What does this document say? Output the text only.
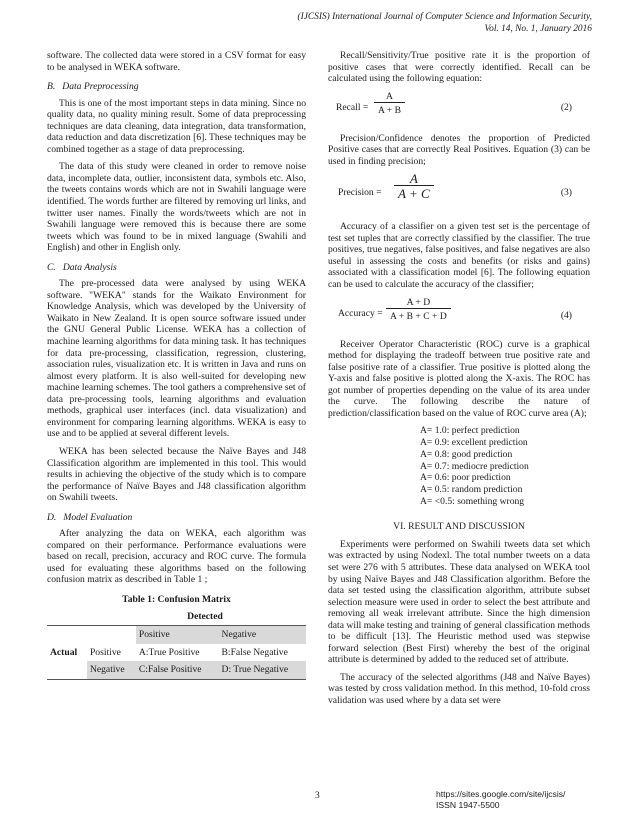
(IJCSIS) International Journal of Computer Science and Information Security,
Vol. 14, No. 1, January 2016

software. The collected data were stored in a CSV format for easy to be analysed in WEKA software.

B. Data Preprocessing

This is one of the most important steps in data mining. Since no quality data, no quality mining result. Some of data preprocessing techniques are data cleaning, data integration, data transformation, data reduction and data discretization [6]. These techniques may be combined together as a stage of data preprocessing.

The data of this study were cleaned in order to remove noise data, incomplete data, outlier, inconsistent data, symbols etc. Also, the tweets contains words which are not in Swahili language were identified. The words further are filtered by removing url links, and twitter user names. Finally the words/tweets which are not in Swahili language were removed this is because there are some tweets which was found to be in mixed language (Swahili and English) and other in English only.

C. Data Analysis

The pre-processed data were analysed by using WEKA software. "WEKA" stands for the Waikato Environment for Knowledge Analysis, which was developed by the University of Waikato in New Zealand. It is open source software issued under the GNU General Public License. WEKA has a collection of machine learning algorithms for data mining task. It has techniques for data pre-processing, classification, regression, clustering, association rules, visualization etc. It is written in Java and runs on almost every platform. It is also well-suited for developing new machine learning schemes. The tool gathers a comprehensive set of data pre-processing tools, learning algorithms and evaluation methods, graphical user interfaces (incl. data visualization) and environment for comparing learning algorithms. WEKA is easy to use and to be applied at several different levels.

WEKA has been selected because the Naïve Bayes and J48 Classification algorithm are implemented in this tool. This would results in achieving the objective of the study which is to compare the performance of Naïve Bayes and J48 classification algorithm on Swahili tweets.

D. Model Evaluation

After analyzing the data on WEKA, each algorithm was compared on their performance. Performance evaluations were based on recall, precision, accuracy and ROC curve. The formula used for evaluating these algorithms based on the following confusion matrix as described in Table 1 ;

Table 1: Confusion Matrix
Detected			
		Positive	Negative
Actual	Positive	A:True Positive	B:False Negative
	Negative	C:False Positive	D: True Negative

Recall/Sensitivity/True positive rate it is the proportion of positive cases that were correctly identified. Recall can be calculated using the following equation:

Recall = $\frac{A}{A + B}$	(2)

Precision/Confidence denotes the proportion of Predicted Positive cases that are correctly Real Positives. Equation (3) can be used in finding precision;

Precision = $\frac{A}{A + C}$	(3)

Accuracy of a classifier on a given test set is the percentage of test set tuples that are correctly classified by the classifier. The true positives, true negatives, false positives, and false negatives are also useful in assessing the costs and benefits (or risks and gains) associated with a classification model [6]. The following equation can be used to calculate the accuracy of the classifier;

Accuracy = $\frac{A + D}{A + B + C + D}$	(4)

Receiver Operator Characteristic (ROC) curve is a graphical method for displaying the tradeoff between true positive rate and false positive rate of a classifier. True positive is plotted along the Y-axis and false positive is plotted along the X-axis. The ROC has got number of properties depending on the value of its area under the curve. The following describe the nature of prediction/classification based on the value of ROC curve area (A);

A= 1.0: perfect prediction
A= 0.9: excellent prediction
A= 0.8: good prediction
A= 0.7: mediocre prediction
A= 0.6: poor prediction
A= 0.5: random prediction
A= <0.5: something wrong
VI. RESULT AND DISCUSSION

Experiments were performed on Swahili tweets data set which was extracted by using Nodexl. The total number tweets on a data set were 276 with 5 attributes. These data analysed on WEKA tool by using Naïve Bayes and J48 Classification algorithm. Before the data set tested using the classification algorithm, attribute subset selection measure were used in order to select the best attribute and removing all weak irrelevant attribute. Since the high dimension data will make testing and training of general classification methods to be difficult [13]. The Heuristic method used was stepwise forward selection (Best First) whereby the best of the original attribute is determined by added to the reduced set of attribute.

The accuracy of the selected algorithms (J48 and Naïve Bayes) was tested by cross validation method. In this method, 10-fold cross validation was used where by a data set were

3	https://sites.google.com/site/ijcsis/
ISSN 1947-5500
